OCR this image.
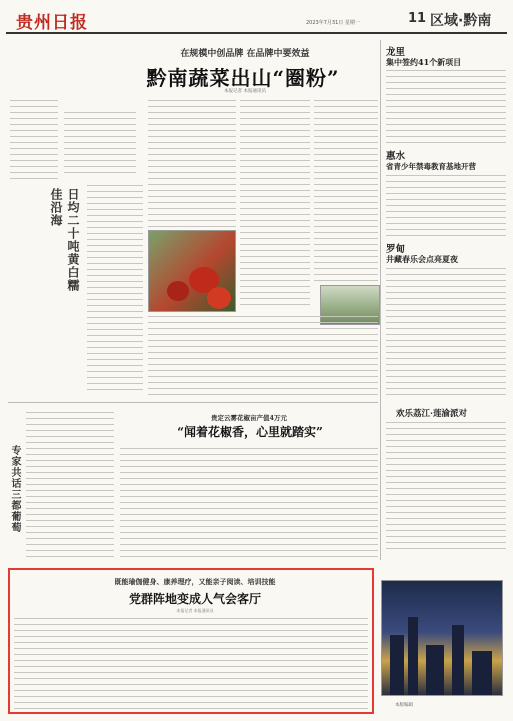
贵州日报	2023年7月31日 星期一	11 区域·黔南
在规模中创品牌 在品牌中要效益
黔南蔬菜出山“圈粉”
本报记者 本报通讯员
日均二十吨黄白糯佳沿海
贵定云雾花椒亩产值4万元
“闻着花椒香，心里就踏实”
专家共话三都葡萄
龙里
集中签约41个新项目
惠水
省青少年禁毒教育基地开营
罗甸
井藏春乐会点亮夏夜
欢乐荔江·莲渝派对
本版编辑
既能瑜伽健身、康养理疗，又能亲子阅读、培训技能
党群阵地变成人气会客厅
本报记者 本报通讯员
